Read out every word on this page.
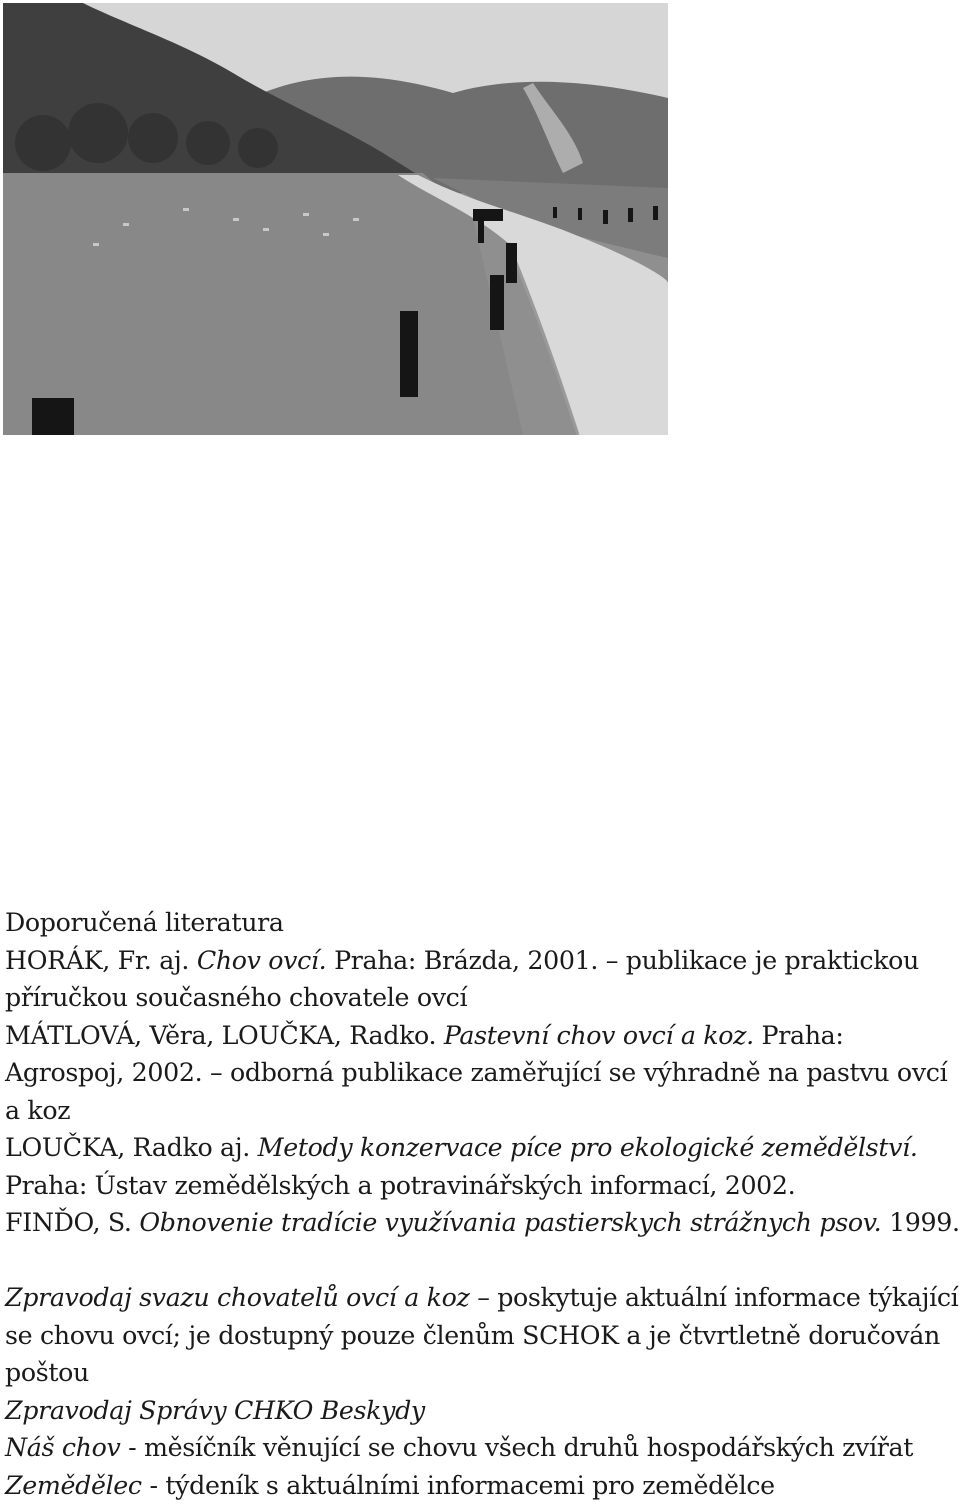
Doporučená literatura

HORÁK, Fr. aj. Chov ovcí. Praha: Brázda, 2001. – publikace je praktickou příručkou současného chovatele ovcí

MÁTLOVÁ, Věra, LOUČKA, Radko. Pastevní chov ovcí a koz. Praha: Agrospoj, 2002. – odborná publikace zaměřující se výhradně na pastvu ovcí a koz

LOUČKA, Radko aj. Metody konzervace píce pro ekologické zemědělství. Praha: Ústav zemědělských a potravinářských informací, 2002.

FINĎO, S. Obnovenie tradície využívania pastierskych strážnych psov. 1999.

Zpravodaj svazu chovatelů ovcí a koz – poskytuje aktuální informace týkající se chovu ovcí; je dostupný pouze členům SCHOK a je čtvrtletně doručován poštou

Zpravodaj Správy CHKO Beskydy

Náš chov - měsíčník věnující se chovu všech druhů hospodářských zvířat

Zemědělec - týdeník s aktuálními informacemi pro zemědělce
